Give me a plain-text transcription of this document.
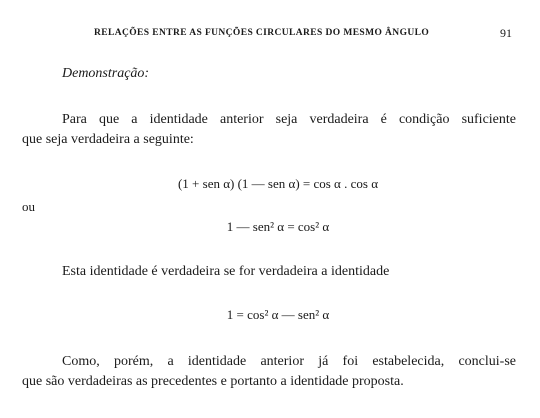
RELAÇÕES ENTRE AS FUNÇÕES CIRCULARES DO MESMO ÂNGULO	91
Demonstração:
Para que a identidade anterior seja verdadeira é condição suficiente
que seja verdadeira a seguinte:
(1 + sen α) (1 — sen α) = cos α . cos α
ou
1 — sen² α = cos² α
Esta identidade é verdadeira se for verdadeira a identidade
1 = cos² α — sen² α
Como, porém, a identidade anterior já foi estabelecida, conclui-se
que são verdadeiras as precedentes e portanto a identidade proposta.
